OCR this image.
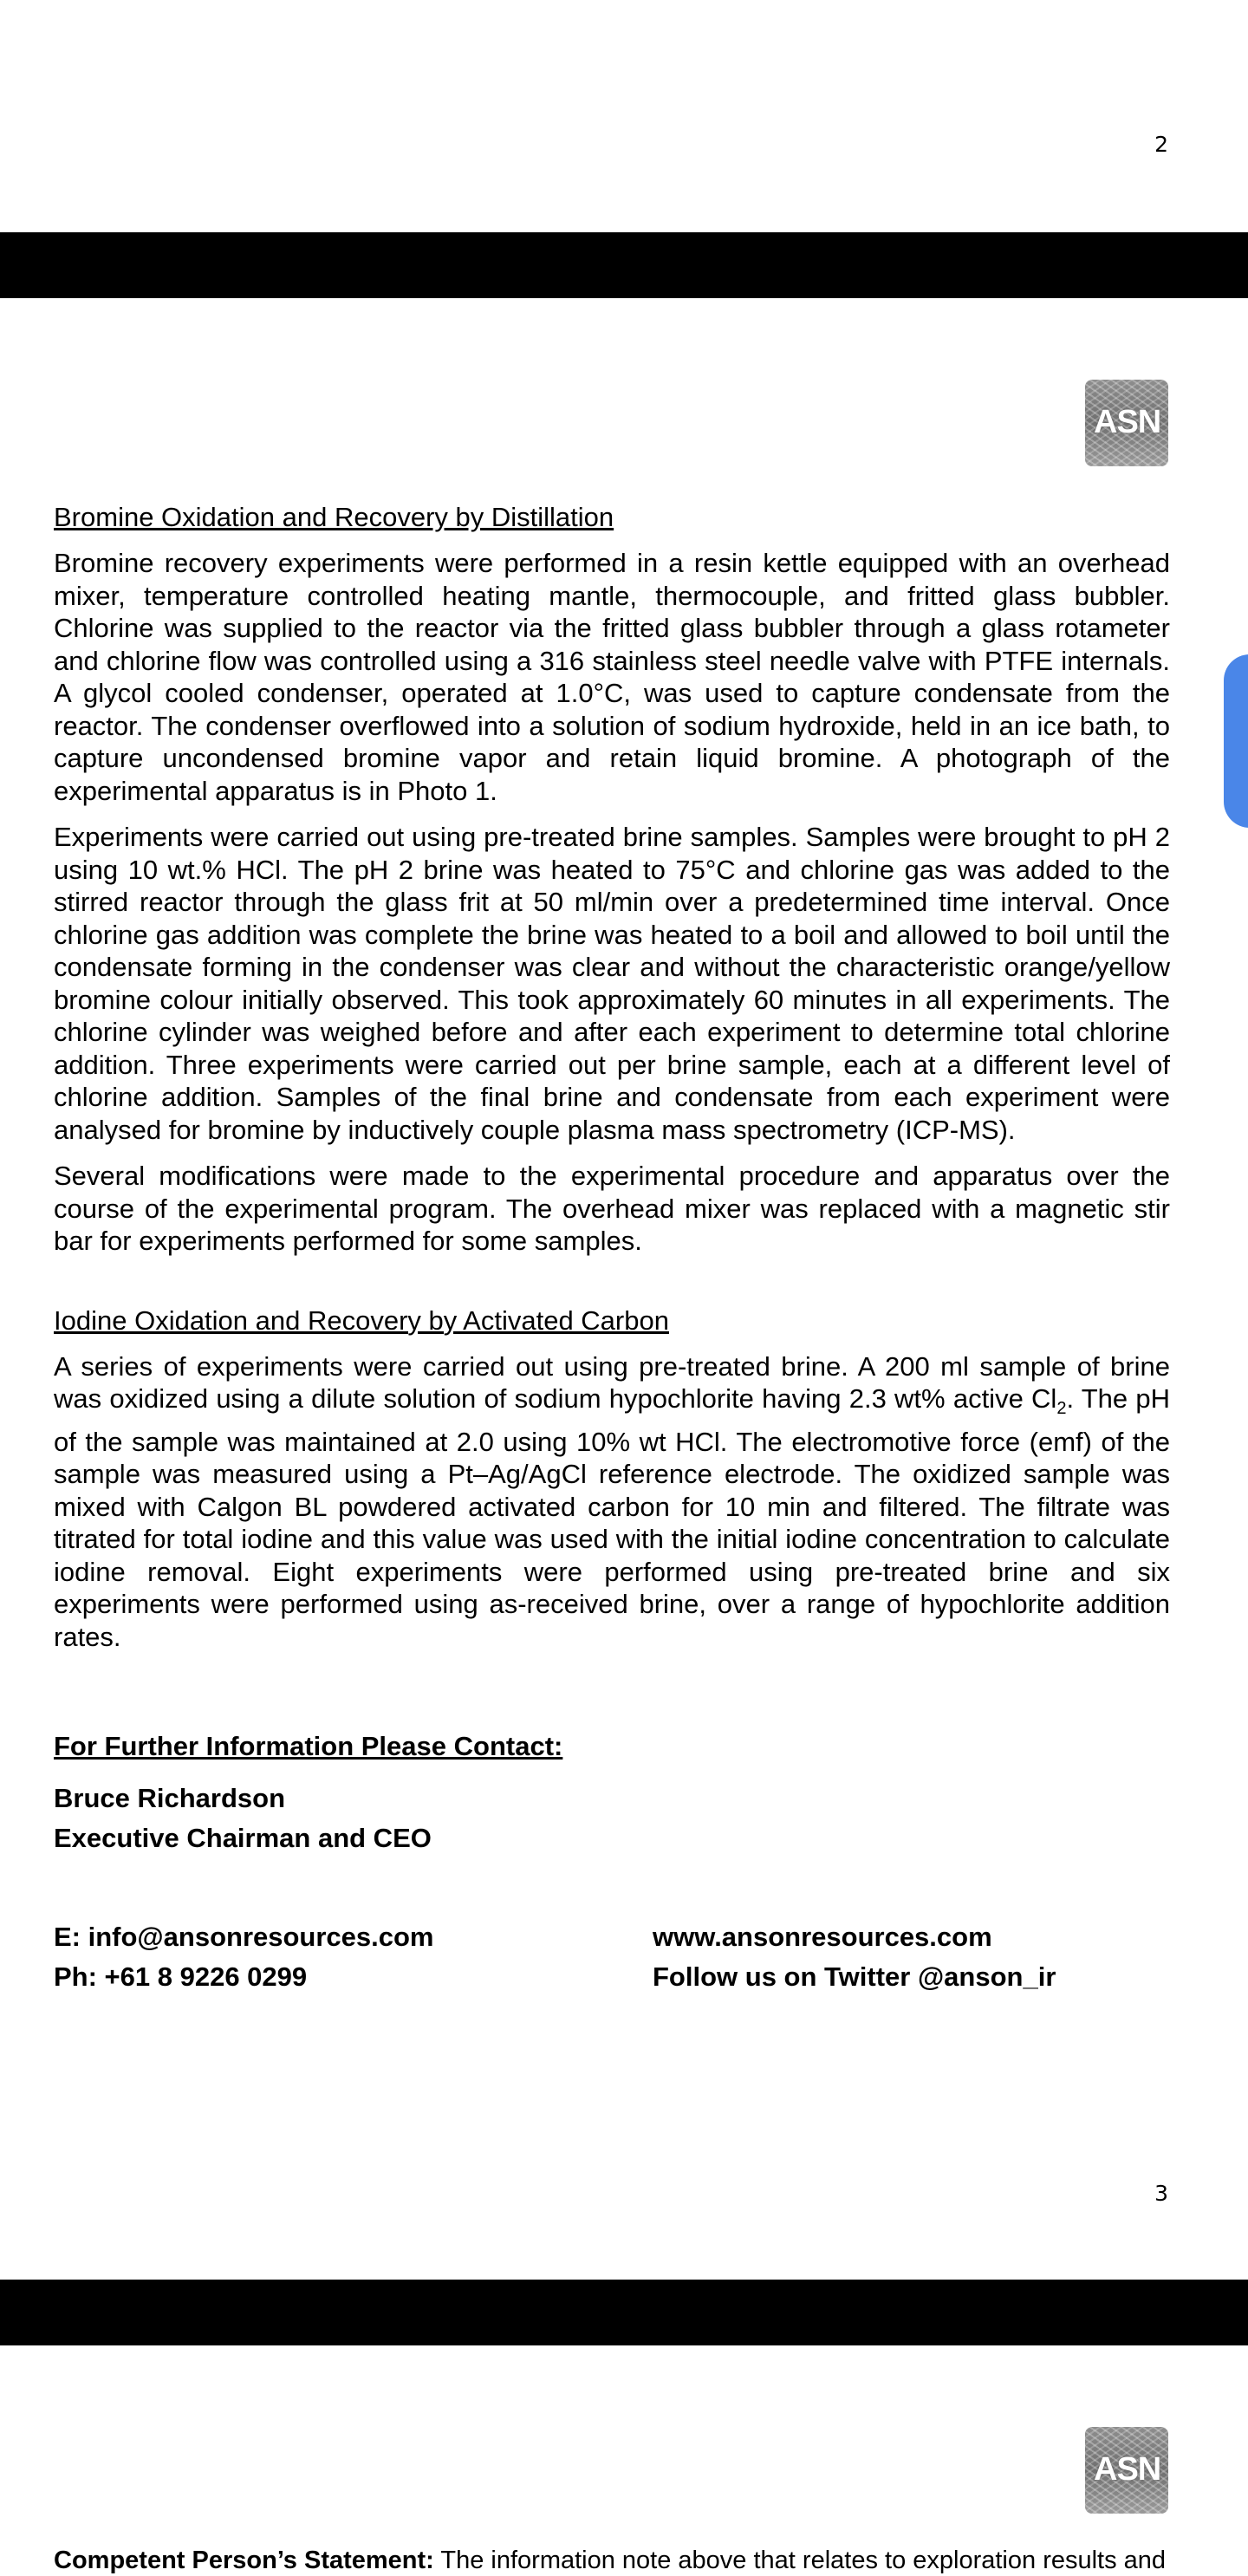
2
ASN
Bromine Oxidation and Recovery by Distillation

Bromine recovery experiments were performed in a resin kettle equipped with an overhead mixer, temperature controlled heating mantle, thermocouple, and fritted glass bubbler. Chlorine was supplied to the reactor via the fritted glass bubbler through a glass rotameter and chlorine flow was controlled using a 316 stainless steel needle valve with PTFE internals. A glycol cooled condenser, operated at 1.0°C, was used to capture condensate from the reactor. The condenser overflowed into a solution of sodium hydroxide, held in an ice bath, to capture uncondensed bromine vapor and retain liquid bromine. A photograph of the experimental apparatus is in Photo 1.

Experiments were carried out using pre-treated brine samples. Samples were brought to pH 2 using 10 wt.% HCl. The pH 2 brine was heated to 75°C and chlorine gas was added to the stirred reactor through the glass frit at 50 ml/min over a predetermined time interval. Once chlorine gas addition was complete the brine was heated to a boil and allowed to boil until the condensate forming in the condenser was clear and without the characteristic orange/yellow bromine colour initially observed. This took approximately 60 minutes in all experiments. The chlorine cylinder was weighed before and after each experiment to determine total chlorine addition. Three experiments were carried out per brine sample, each at a different level of chlorine addition. Samples of the final brine and condensate from each experiment were analysed for bromine by inductively couple plasma mass spectrometry (ICP-MS).

Several modifications were made to the experimental procedure and apparatus over the course of the experimental program. The overhead mixer was replaced with a magnetic stir bar for experiments performed for some samples.

Iodine Oxidation and Recovery by Activated Carbon

A series of experiments were carried out using pre-treated brine. A 200 ml sample of brine was oxidized using a dilute solution of sodium hypochlorite having 2.3 wt% active $Cl_2$. The pH of the sample was maintained at 2.0 using 10% wt HCl. The electromotive force (emf) of the sample was measured using a Pt–Ag/AgCl reference electrode. The oxidized sample was mixed with Calgon BL powdered activated carbon for 10 min and filtered. The filtrate was titrated for total iodine and this value was used with the initial iodine concentration to calculate iodine removal. Eight experiments were performed using pre-treated brine and six experiments were performed using as-received brine, over a range of hypochlorite addition rates.

For Further Information Please Contact:
Bruce Richardson
Executive Chairman and CEO
E: info@ansonresources.com
Ph: +61 8 9226 0299
www.ansonresources.com
Follow us on Twitter @anson_ir
3
ASN
Competent Person’s Statement: The information note above that relates to exploration results and
